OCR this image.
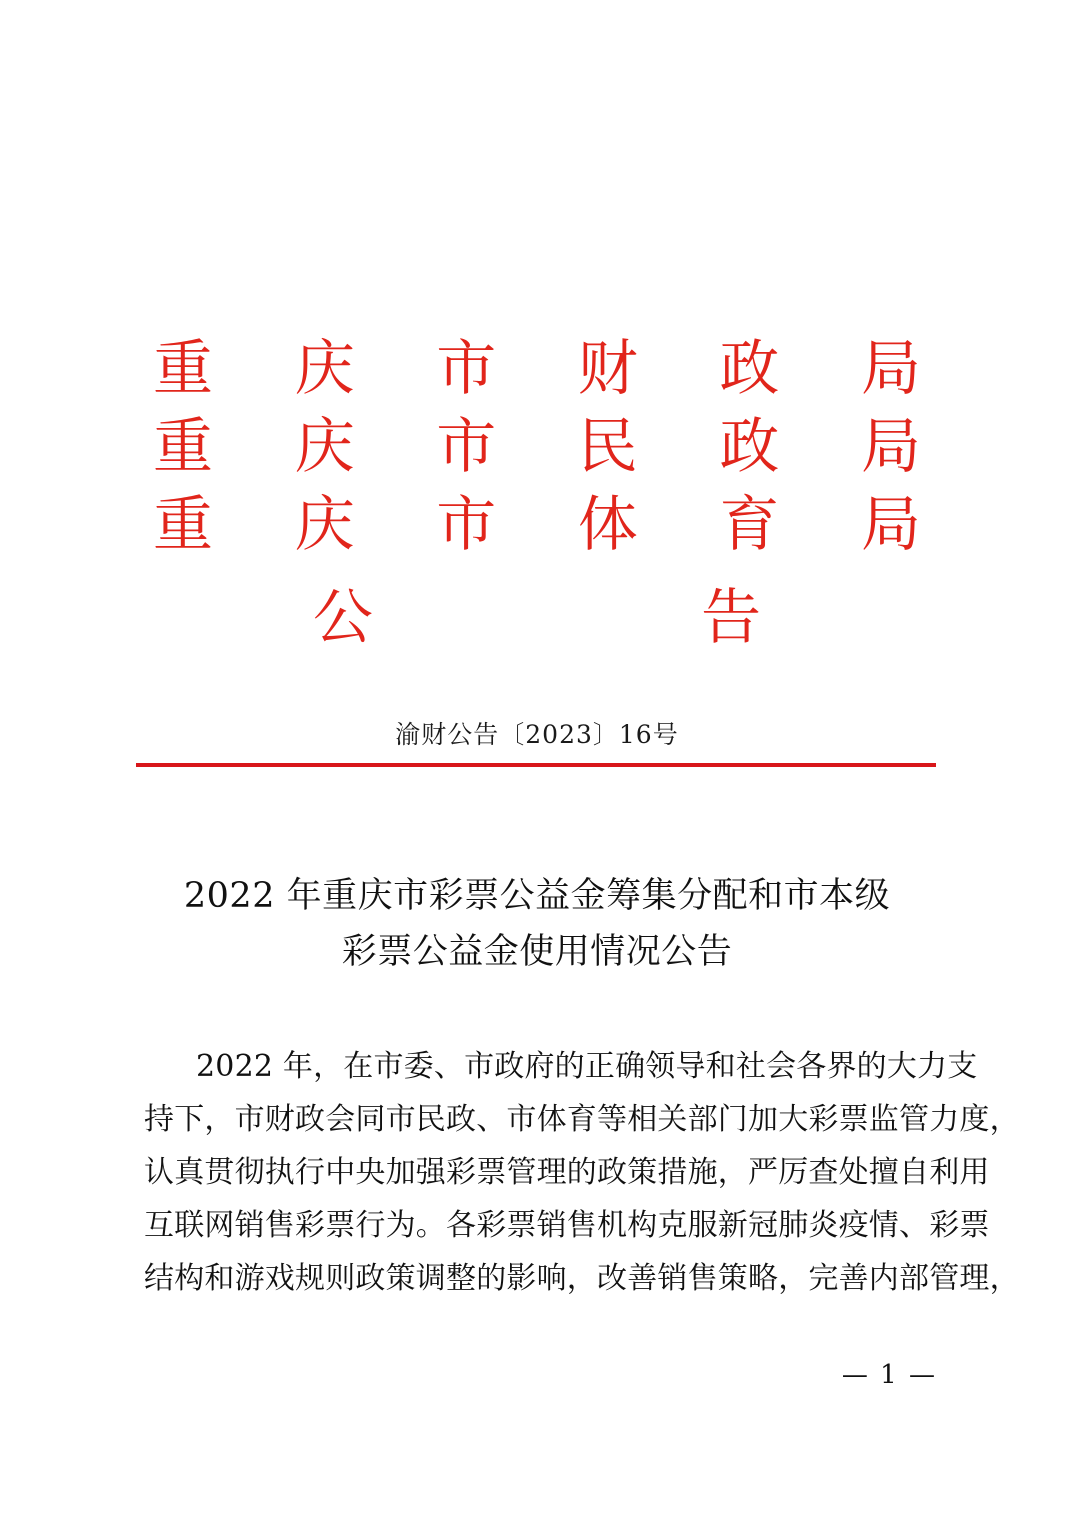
重 庆 市 财 政 局
重 庆 市 民 政 局
重 庆 市 体 育 局
公	告
渝财公告〔2023〕16号
2022 年重庆市彩票公益金筹集分配和市本级
彩票公益金使用情况公告
2022 年，在市委、市政府的正确领导和社会各界的大力支
持下，市财政会同市民政、市体育等相关部门加大彩票监管力度，
认真贯彻执行中央加强彩票管理的政策措施，严厉查处擅自利用
互联网销售彩票行为。各彩票销售机构克服新冠肺炎疫情、彩票
结构和游戏规则政策调整的影响，改善销售策略，完善内部管理，
— 1 —
